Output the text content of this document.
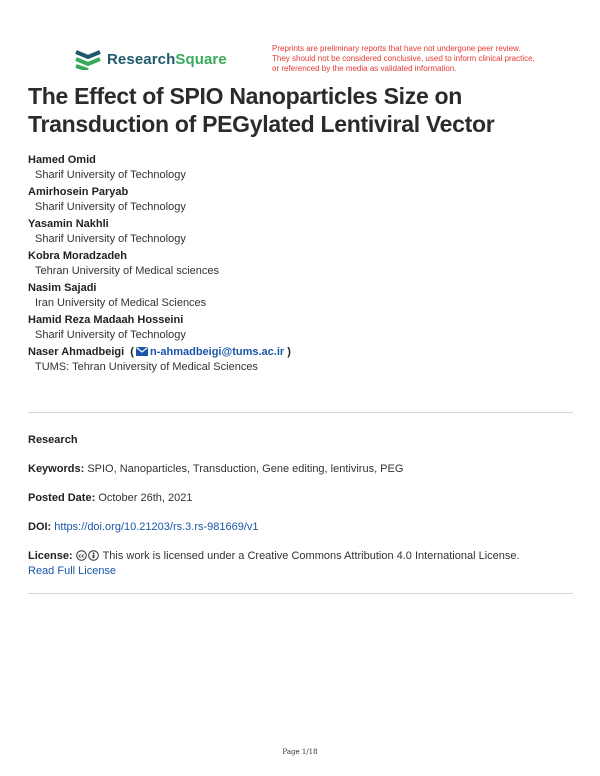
ResearchSquare
Preprints are preliminary reports that have not undergone peer review.
They should not be considered conclusive, used to inform clinical practice,
or referenced by the media as validated information.
The Effect of SPIO Nanoparticles Size on Transduction of PEGylated Lentiviral Vector
Hamed Omid
Sharif University of Technology
Amirhosein Paryab
Sharif University of Technology
Yasamin Nakhli
Sharif University of Technology
Kobra Moradzadeh
Tehran University of Medical sciences
Nasim Sajadi
Iran University of Medical Sciences
Hamid Reza Madaah Hosseini
Sharif University of Technology
Naser Ahmadbeigi  ( n-ahmadbeigi@tums.ac.ir )
TUMS: Tehran University of Medical Sciences
Research
Keywords: SPIO, Nanoparticles, Transduction, Gene editing, lentivirus, PEG
Posted Date: October 26th, 2021
DOI: https://doi.org/10.21203/rs.3.rs-981669/v1
License: cc This work is licensed under a Creative Commons Attribution 4.0 International License.
Read Full License
Page 1/18
